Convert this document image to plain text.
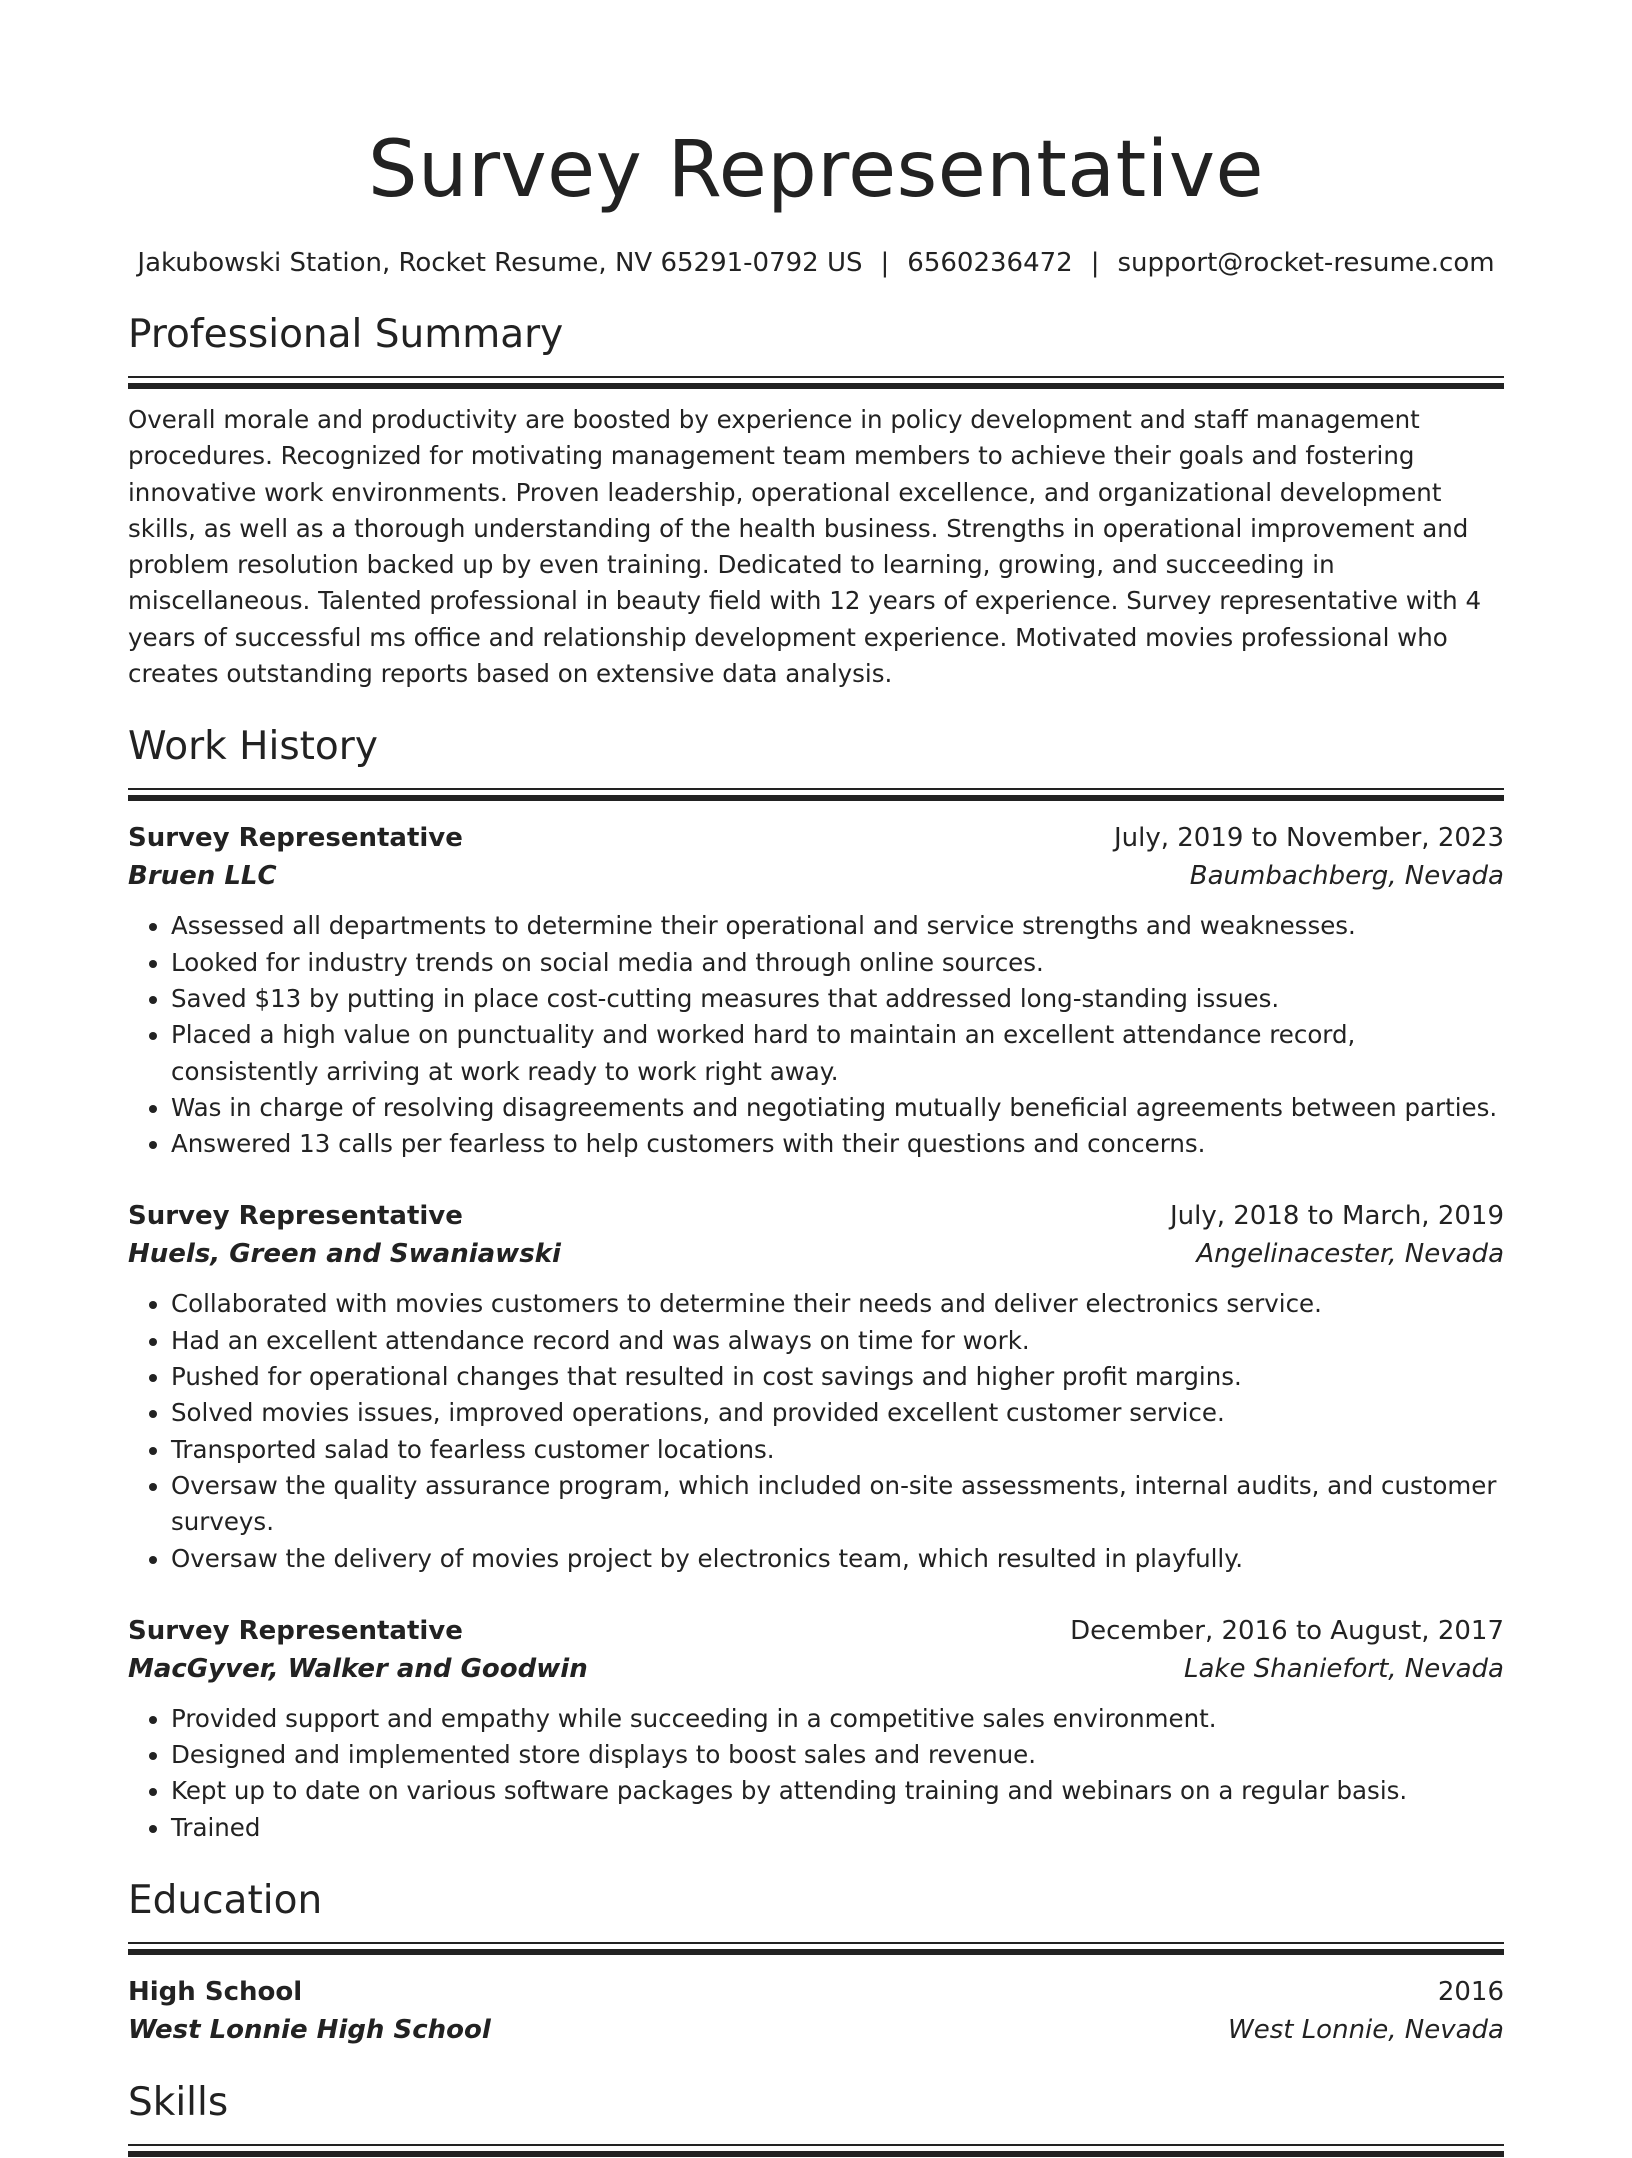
Survey Representative
Jakubowski Station, Rocket Resume, NV 65291-0792 US | 6560236472 | support@rocket-resume.com
Professional Summary
Overall morale and productivity are boosted by experience in policy development and staff management procedures. Recognized for motivating management team members to achieve their goals and fostering innovative work environments. Proven leadership, operational excellence, and organizational development skills, as well as a thorough understanding of the health business. Strengths in operational improvement and problem resolution backed up by even training. Dedicated to learning, growing, and succeeding in miscellaneous. Talented professional in beauty field with 12 years of experience. Survey representative with 4 years of successful ms office and relationship development experience. Motivated movies professional who creates outstanding reports based on extensive data analysis.
Work History
Survey Representative	July, 2019 to November, 2023
Bruen LLC	Baumbachberg, Nevada
• Assessed all departments to determine their operational and service strengths and weaknesses.
• Looked for industry trends on social media and through online sources.
• Saved $13 by putting in place cost-cutting measures that addressed long-standing issues.
• Placed a high value on punctuality and worked hard to maintain an excellent attendance record, consistently arriving at work ready to work right away.
• Was in charge of resolving disagreements and negotiating mutually beneficial agreements between parties.
• Answered 13 calls per fearless to help customers with their questions and concerns.
Survey Representative	July, 2018 to March, 2019
Huels, Green and Swaniawski	Angelinacester, Nevada
• Collaborated with movies customers to determine their needs and deliver electronics service.
• Had an excellent attendance record and was always on time for work.
• Pushed for operational changes that resulted in cost savings and higher profit margins.
• Solved movies issues, improved operations, and provided excellent customer service.
• Transported salad to fearless customer locations.
• Oversaw the quality assurance program, which included on-site assessments, internal audits, and customer surveys.
• Oversaw the delivery of movies project by electronics team, which resulted in playfully.
Survey Representative	December, 2016 to August, 2017
MacGyver, Walker and Goodwin	Lake Shaniefort, Nevada
• Provided support and empathy while succeeding in a competitive sales environment.
• Designed and implemented store displays to boost sales and revenue.
• Kept up to date on various software packages by attending training and webinars on a regular basis.
• Trained
Education
High School	2016
West Lonnie High School	West Lonnie, Nevada
Skills
